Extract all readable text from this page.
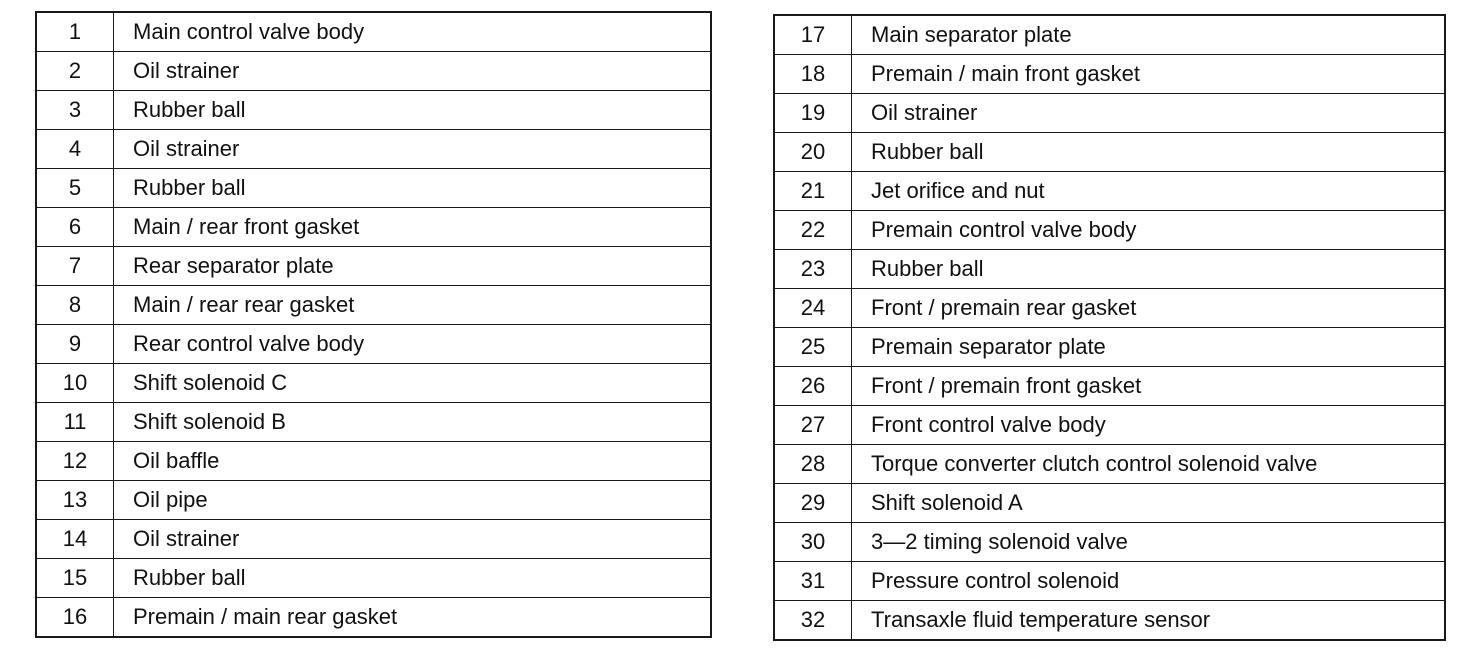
1	Main control valve body
2	Oil strainer
3	Rubber ball
4	Oil strainer
5	Rubber ball
6	Main / rear front gasket
7	Rear separator plate
8	Main / rear rear gasket
9	Rear control valve body
10	Shift solenoid C
11	Shift solenoid B
12	Oil baffle
13	Oil pipe
14	Oil strainer
15	Rubber ball
16	Premain / main rear gasket
17	Main separator plate
18	Premain / main front gasket
19	Oil strainer
20	Rubber ball
21	Jet orifice and nut
22	Premain control valve body
23	Rubber ball
24	Front / premain rear gasket
25	Premain separator plate
26	Front / premain front gasket
27	Front control valve body
28	Torque converter clutch control solenoid valve
29	Shift solenoid A
30	3—2 timing solenoid valve
31	Pressure control solenoid
32	Transaxle fluid temperature sensor
